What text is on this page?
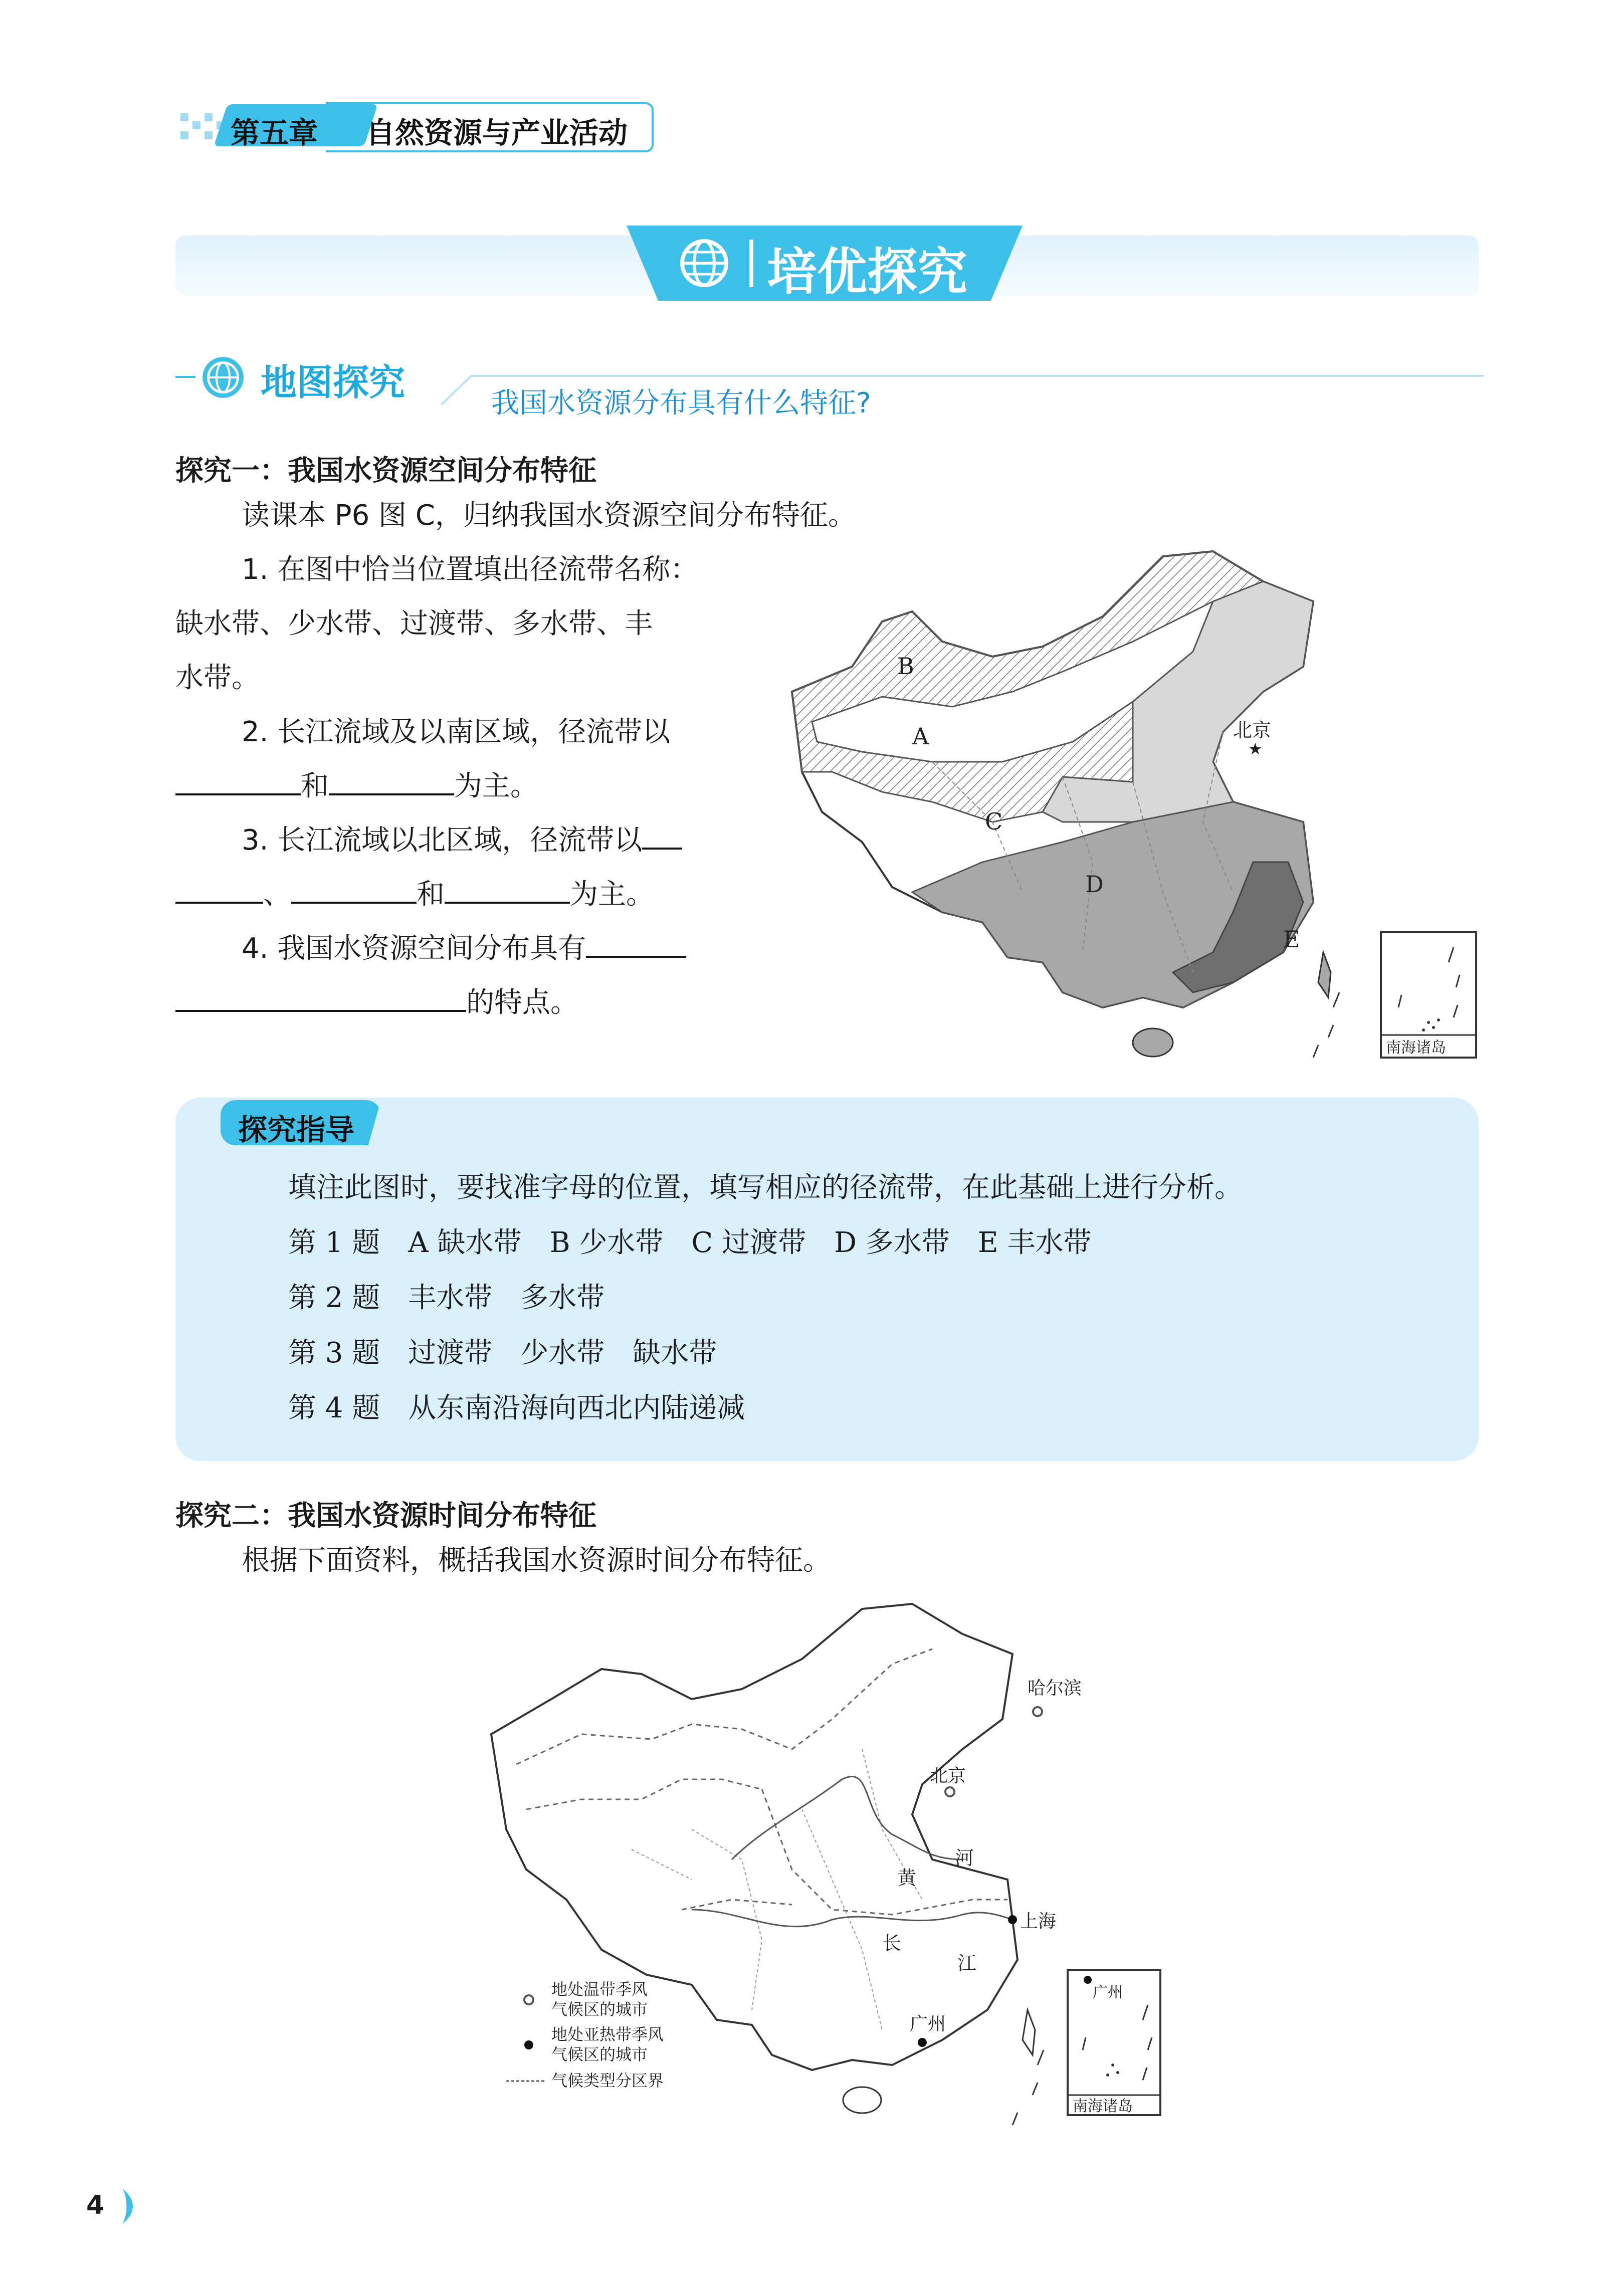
第五章 自然资源与产业活动
培优探究
地图探究	我国水资源分布具有什么特征?
探究一：我国水资源空间分布特征
读课本 P6 图 C，归纳我国水资源空间分布特征。
1. 在图中恰当位置填出径流带名称：
缺水带、少水带、过渡带、多水带、丰
水带。
2. 长江流域及以南区域，径流带以
和	为主。
3. 长江流域以北区域，径流带以
、	和	为主。
4. 我国水资源空间分布具有
的特点。
B
A
C
D
E
北京
★
南海诸岛
探究指导
填注此图时，要找准字母的位置，填写相应的径流带，在此基础上进行分析。
第 1 题　A 缺水带　B 少水带　C 过渡带　D 多水带　E 丰水带
第 2 题　丰水带　多水带
第 3 题　过渡带　少水带　缺水带
第 4 题　从东南沿海向西北内陆递减
探究二：我国水资源时间分布特征
根据下面资料，概括我国水资源时间分布特征。
哈尔滨
北京
上海
广州
黄
河
长
江
地处温带季风
气候区的城市
地处亚热带季风
气候区的城市
气候类型分区界
广州
南海诸岛
4
